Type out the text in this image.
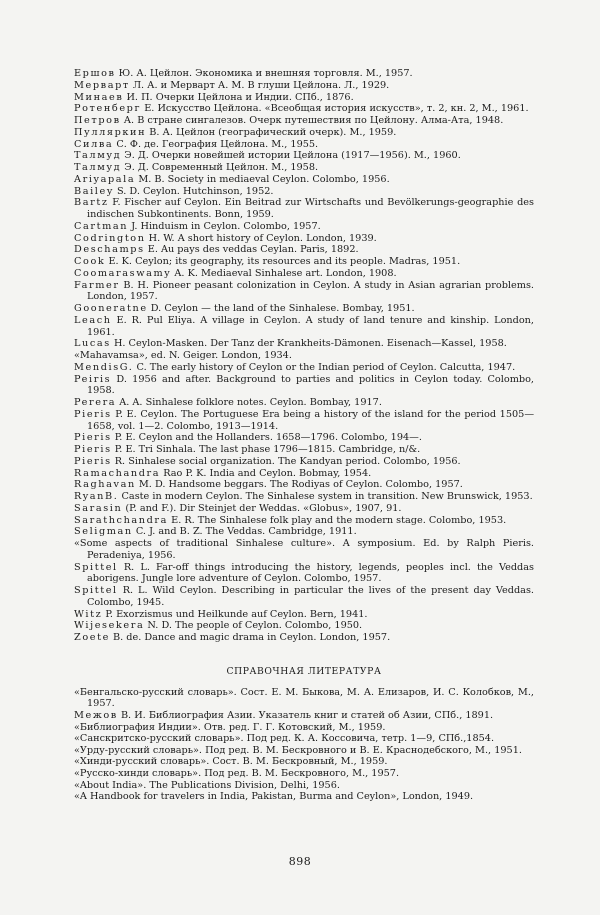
Ершов Ю. А. Цейлон. Экономика и внешняя торговля. М., 1957.

Мерварт Л. А. и Мерварт А. М. В глуши Цейлона. Л., 1929.

Минаев И. П. Очерки Цейлона и Индии. СПб., 1876.

Ротенберг Е. Искусство Цейлона. «Всеобщая история искусств», т. 2, кн. 2, М., 1961.

Петров А. В стране сингалезов. Очерк путешествия по Цейлону. Алма-Ата, 1948.

Пулляркин В. А. Цейлон (географический очерк). М., 1959.

Силва С. Ф. де. География Цейлона. М., 1955.

Талмуд Э. Д. Очерки новейшей истории Цейлона (1917—1956). М., 1960.

Талмуд Э. Д. Современный Цейлон. М., 1958.

Ariyapala M. B. Society in mediaeval Ceylon. Colombo, 1956.

Bailey S. D. Ceylon. Hutchinson, 1952.

Bartz F. Fischer auf Ceylon. Ein Beitrad zur Wirtschafts und Bevölkerungs-geographie des indischen Subkontinents. Bonn, 1959.

Cartman J. Hinduism in Ceylon. Colombo, 1957.

Codrington H. W. A short history of Ceylon. London, 1939.

Deschamps E. Au pays des veddas Ceylan. Paris, 1892.

Cook E. K. Ceylon; its geography, its resources and its people. Madras, 1951.

Coomaraswamy A. K. Mediaeval Sinhalese art. London, 1908.

Farmer B. H. Pioneer peasant colonization in Ceylon. A study in Asian agrarian problems. London, 1957.

Gooneratne D. Ceylon — the land of the Sinhalese. Bombay, 1951.

Leach E. R. Pul Eliya. A village in Ceylon. A study of land tenure and kinship. London, 1961.

Lucas H. Ceylon-Masken. Der Tanz der Krankheits-Dämonen. Eisenach—Kassel, 1958.

«Mahavamsa», ed. N. Geiger. London, 1934.

MendisG. C. The early history of Ceylon or the Indian period of Ceylon. Calcutta, 1947.

Peiris D. 1956 and after. Background to parties and politics in Ceylon today. Colombo, 1958.

Perera A. A. Sinhalese folklore notes. Ceylon. Bombay, 1917.

Pieris P. E. Ceylon. The Portuguese Era being a history of the island for the period 1505—1658, vol. 1—2. Colombo, 1913—1914.

Pieris P. E. Ceylon and the Hollanders. 1658—1796. Colombo, 194—.

Pieris P. E. Tri Sinhala. The last phase 1796—1815. Cambridge, n/&.

Pieris R. Sinhalese social organization. The Kandyan period. Colombo, 1956.

Ramachandra Rao P. K. India and Ceylon. Bobmay, 1954.

Raghavan M. D. Handsome beggars. The Rodiyas of Ceylon. Colombo, 1957.

RyanB. Caste in modern Ceylon. The Sinhalese system in transition. New Brunswick, 1953.

Sarasin (P. and F.). Dir Steinjet der Weddas. «Globus», 1907, 91.

Sarathchandra E. R. The Sinhalese folk play and the modern stage. Colombo, 1953.

Seligman C. J. and B. Z. The Veddas. Cambridge, 1911.

«Some aspects of traditional Sinhalese culture». A symposium. Ed. by Ralph Pieris. Peradeniya, 1956.

Spittel R. L. Far-off things introducing the history, legends, peoples incl. the Veddas aborigens. Jungle lore adventure of Ceylon. Colombo, 1957.

Spittel R. L. Wild Ceylon. Describing in particular the lives of the present day Veddas. Colombo, 1945.

Witz P. Exorzismus und Heilkunde auf Ceylon. Bern, 1941.

Wijesekera N. D. The people of Ceylon. Colombo, 1950.

Zoete B. de. Dance and magic drama in Ceylon. London, 1957.

СПРАВОЧНАЯ ЛИТЕРАТУРА

«Бенгальско-русский словарь». Сост. Е. М. Быкова, М. А. Елизаров, И. С. Колобков, М., 1957.

Межов В. И. Библиография Азии. Указатель книг и статей об Азии, СПб., 1891.

«Библиография Индии». Отв. ред. Г. Г. Котовский, М., 1959.

«Санскритско-русский словарь». Под ред. К. А. Коссовича, тетр. 1—9, СПб.,1854.

«Урду-русский словарь». Под ред. В. М. Бескровного и В. Е. Краснодебского, М., 1951.

«Хинди-русский словарь». Сост. В. М. Бескровный, М., 1959.

«Русско-хинди словарь». Под ред. В. М. Бескровного, М., 1957.

«About India». The Publications Division, Delhi, 1956.

«A Handbook for travelers in India, Pakistan, Burma and Ceylon», London, 1949.

898
